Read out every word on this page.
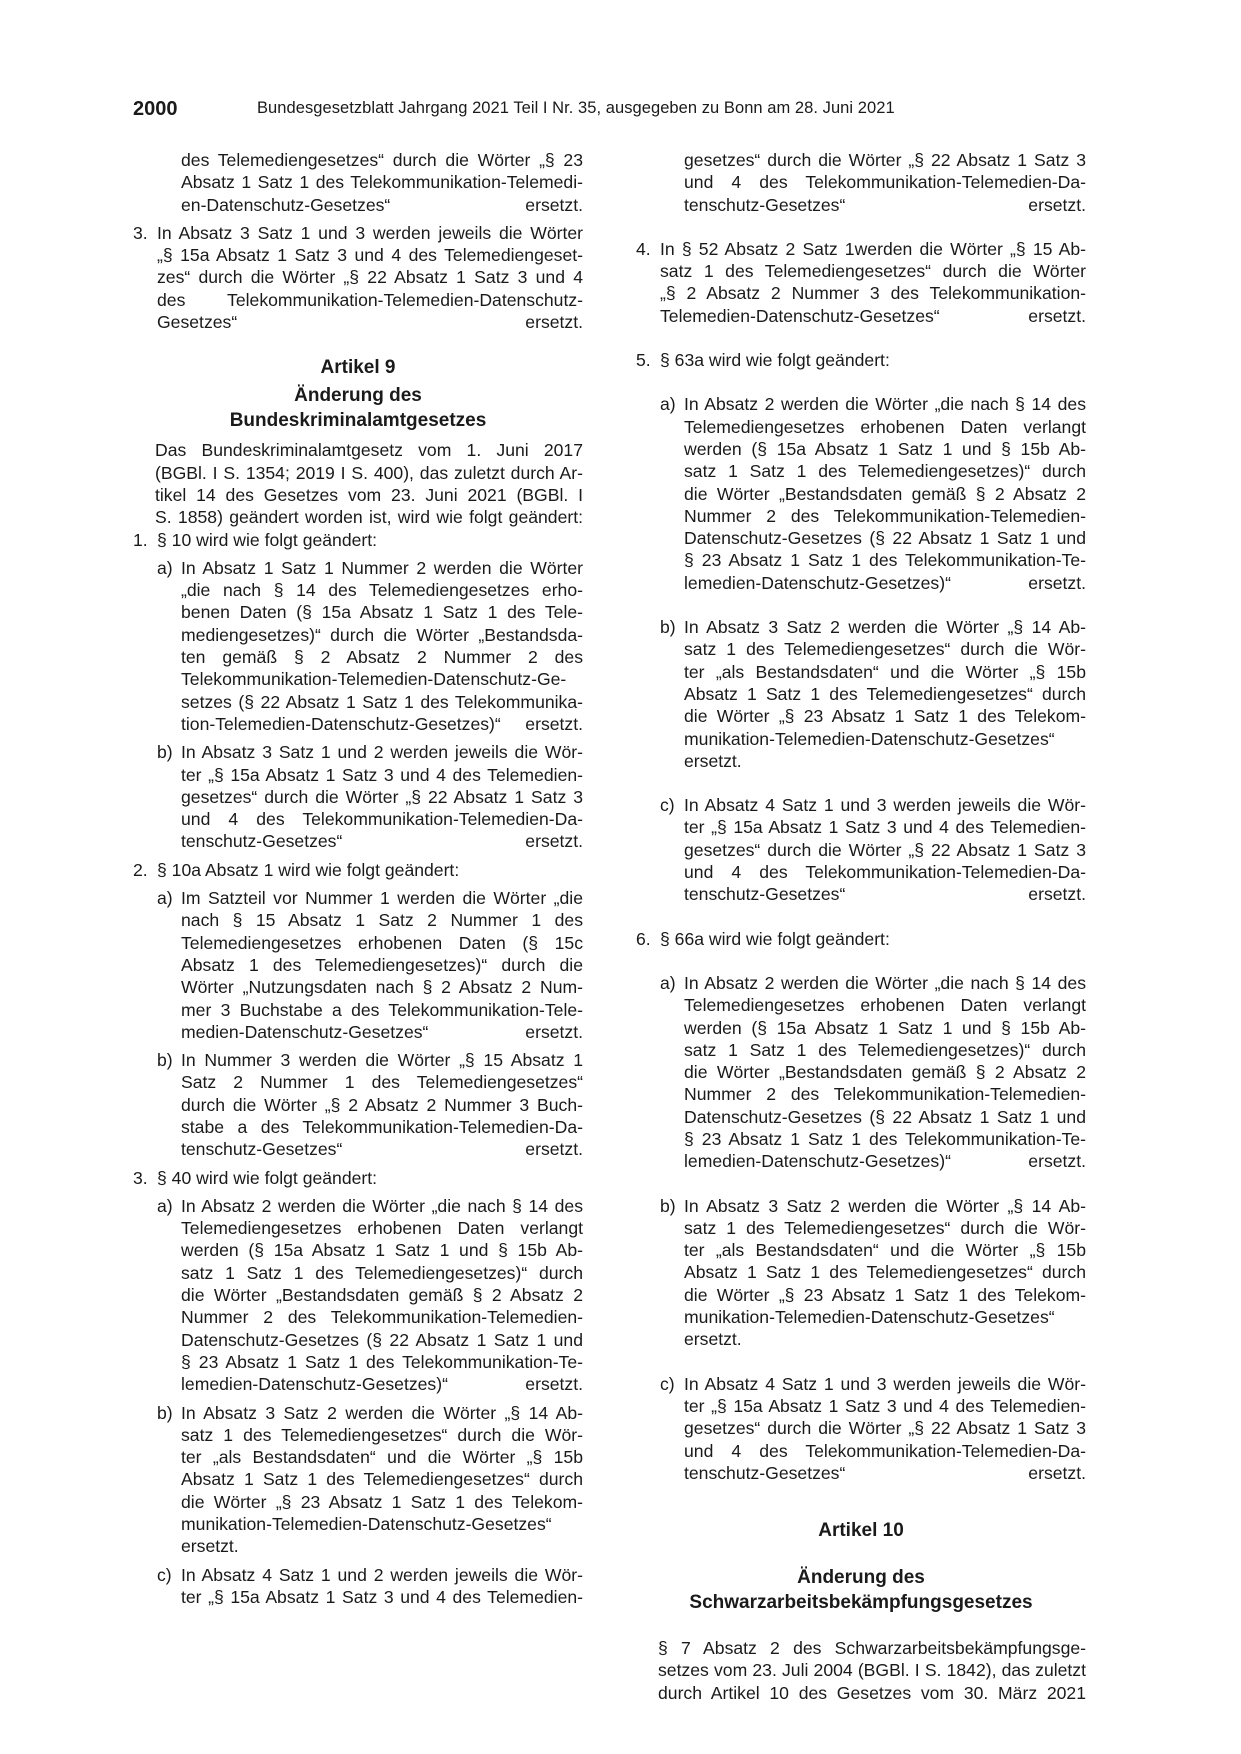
2000	Bundesgesetzblatt Jahrgang 2021 Teil I Nr. 35, ausgegeben zu Bonn am 28. Juni 2021
des Telemediengesetzes“ durch die Wörter „§ 23
Absatz 1 Satz 1 des Telekommunikation-Telemedi-
en-Datenschutz-Gesetzes“ ersetzt.
3. In Absatz 3 Satz 1 und 3 werden jeweils die Wörter
„§ 15a Absatz 1 Satz 3 und 4 des Telemediengeset-
zes“ durch die Wörter „§ 22 Absatz 1 Satz 3 und 4
des Telekommunikation-Telemedien-Datenschutz-
Gesetzes“ ersetzt.
Artikel 9
Änderung des
Bundeskriminalamtgesetzes
Das Bundeskriminalamtgesetz vom 1. Juni 2017
(BGBl. I S. 1354; 2019 I S. 400), das zuletzt durch Ar-
tikel 14 des Gesetzes vom 23. Juni 2021 (BGBl. I
S. 1858) geändert worden ist, wird wie folgt geändert:
1. § 10 wird wie folgt geändert:
a) In Absatz 1 Satz 1 Nummer 2 werden die Wörter
„die nach § 14 des Telemediengesetzes erho-
benen Daten (§ 15a Absatz 1 Satz 1 des Tele-
mediengesetzes)“ durch die Wörter „Bestandsda-
ten gemäß § 2 Absatz 2 Nummer 2 des
Telekommunikation-Telemedien-Datenschutz-Ge-
setzes (§ 22 Absatz 1 Satz 1 des Telekommunika-
tion-Telemedien-Datenschutz-Gesetzes)“ ersetzt.
b) In Absatz 3 Satz 1 und 2 werden jeweils die Wör-
ter „§ 15a Absatz 1 Satz 3 und 4 des Telemedien-
gesetzes“ durch die Wörter „§ 22 Absatz 1 Satz 3
und 4 des Telekommunikation-Telemedien-Da-
tenschutz-Gesetzes“ ersetzt.
2. § 10a Absatz 1 wird wie folgt geändert:
a) Im Satzteil vor Nummer 1 werden die Wörter „die
nach § 15 Absatz 1 Satz 2 Nummer 1 des
Telemediengesetzes erhobenen Daten (§ 15c
Absatz 1 des Telemediengesetzes)“ durch die
Wörter „Nutzungsdaten nach § 2 Absatz 2 Num-
mer 3 Buchstabe a des Telekommunikation-Tele-
medien-Datenschutz-Gesetzes“ ersetzt.
b) In Nummer 3 werden die Wörter „§ 15 Absatz 1
Satz 2 Nummer 1 des Telemediengesetzes“
durch die Wörter „§ 2 Absatz 2 Nummer 3 Buch-
stabe a des Telekommunikation-Telemedien-Da-
tenschutz-Gesetzes“ ersetzt.
3. § 40 wird wie folgt geändert:
a) In Absatz 2 werden die Wörter „die nach § 14 des
Telemediengesetzes erhobenen Daten verlangt
werden (§ 15a Absatz 1 Satz 1 und § 15b Ab-
satz 1 Satz 1 des Telemediengesetzes)“ durch
die Wörter „Bestandsdaten gemäß § 2 Absatz 2
Nummer 2 des Telekommunikation-Telemedien-
Datenschutz-Gesetzes (§ 22 Absatz 1 Satz 1 und
§ 23 Absatz 1 Satz 1 des Telekommunikation-Te-
lemedien-Datenschutz-Gesetzes)“ ersetzt.
b) In Absatz 3 Satz 2 werden die Wörter „§ 14 Ab-
satz 1 des Telemediengesetzes“ durch die Wör-
ter „als Bestandsdaten“ und die Wörter „§ 15b
Absatz 1 Satz 1 des Telemediengesetzes“ durch
die Wörter „§ 23 Absatz 1 Satz 1 des Telekom-
munikation-Telemedien-Datenschutz-Gesetzes“
ersetzt.
c) In Absatz 4 Satz 1 und 2 werden jeweils die Wör-
ter „§ 15a Absatz 1 Satz 3 und 4 des Telemedien-
gesetzes“ durch die Wörter „§ 22 Absatz 1 Satz 3
und 4 des Telekommunikation-Telemedien-Da-
tenschutz-Gesetzes“ ersetzt.
4. In § 52 Absatz 2 Satz 1werden die Wörter „§ 15 Ab-
satz 1 des Telemediengesetzes“ durch die Wörter
„§ 2 Absatz 2 Nummer 3 des Telekommunikation-
Telemedien-Datenschutz-Gesetzes“ ersetzt.
5. § 63a wird wie folgt geändert:
a) In Absatz 2 werden die Wörter „die nach § 14 des
Telemediengesetzes erhobenen Daten verlangt
werden (§ 15a Absatz 1 Satz 1 und § 15b Ab-
satz 1 Satz 1 des Telemediengesetzes)“ durch
die Wörter „Bestandsdaten gemäß § 2 Absatz 2
Nummer 2 des Telekommunikation-Telemedien-
Datenschutz-Gesetzes (§ 22 Absatz 1 Satz 1 und
§ 23 Absatz 1 Satz 1 des Telekommunikation-Te-
lemedien-Datenschutz-Gesetzes)“ ersetzt.
b) In Absatz 3 Satz 2 werden die Wörter „§ 14 Ab-
satz 1 des Telemediengesetzes“ durch die Wör-
ter „als Bestandsdaten“ und die Wörter „§ 15b
Absatz 1 Satz 1 des Telemediengesetzes“ durch
die Wörter „§ 23 Absatz 1 Satz 1 des Telekom-
munikation-Telemedien-Datenschutz-Gesetzes“
ersetzt.
c) In Absatz 4 Satz 1 und 3 werden jeweils die Wör-
ter „§ 15a Absatz 1 Satz 3 und 4 des Telemedien-
gesetzes“ durch die Wörter „§ 22 Absatz 1 Satz 3
und 4 des Telekommunikation-Telemedien-Da-
tenschutz-Gesetzes“ ersetzt.
6. § 66a wird wie folgt geändert:
a) In Absatz 2 werden die Wörter „die nach § 14 des
Telemediengesetzes erhobenen Daten verlangt
werden (§ 15a Absatz 1 Satz 1 und § 15b Ab-
satz 1 Satz 1 des Telemediengesetzes)“ durch
die Wörter „Bestandsdaten gemäß § 2 Absatz 2
Nummer 2 des Telekommunikation-Telemedien-
Datenschutz-Gesetzes (§ 22 Absatz 1 Satz 1 und
§ 23 Absatz 1 Satz 1 des Telekommunikation-Te-
lemedien-Datenschutz-Gesetzes)“ ersetzt.
b) In Absatz 3 Satz 2 werden die Wörter „§ 14 Ab-
satz 1 des Telemediengesetzes“ durch die Wör-
ter „als Bestandsdaten“ und die Wörter „§ 15b
Absatz 1 Satz 1 des Telemediengesetzes“ durch
die Wörter „§ 23 Absatz 1 Satz 1 des Telekom-
munikation-Telemedien-Datenschutz-Gesetzes“
ersetzt.
c) In Absatz 4 Satz 1 und 3 werden jeweils die Wör-
ter „§ 15a Absatz 1 Satz 3 und 4 des Telemedien-
gesetzes“ durch die Wörter „§ 22 Absatz 1 Satz 3
und 4 des Telekommunikation-Telemedien-Da-
tenschutz-Gesetzes“ ersetzt.
Artikel 10
Änderung des
Schwarzarbeitsbekämpfungsgesetzes
§ 7 Absatz 2 des Schwarzarbeitsbekämpfungsge-
setzes vom 23. Juli 2004 (BGBl. I S. 1842), das zuletzt
durch Artikel 10 des Gesetzes vom 30. März 2021
